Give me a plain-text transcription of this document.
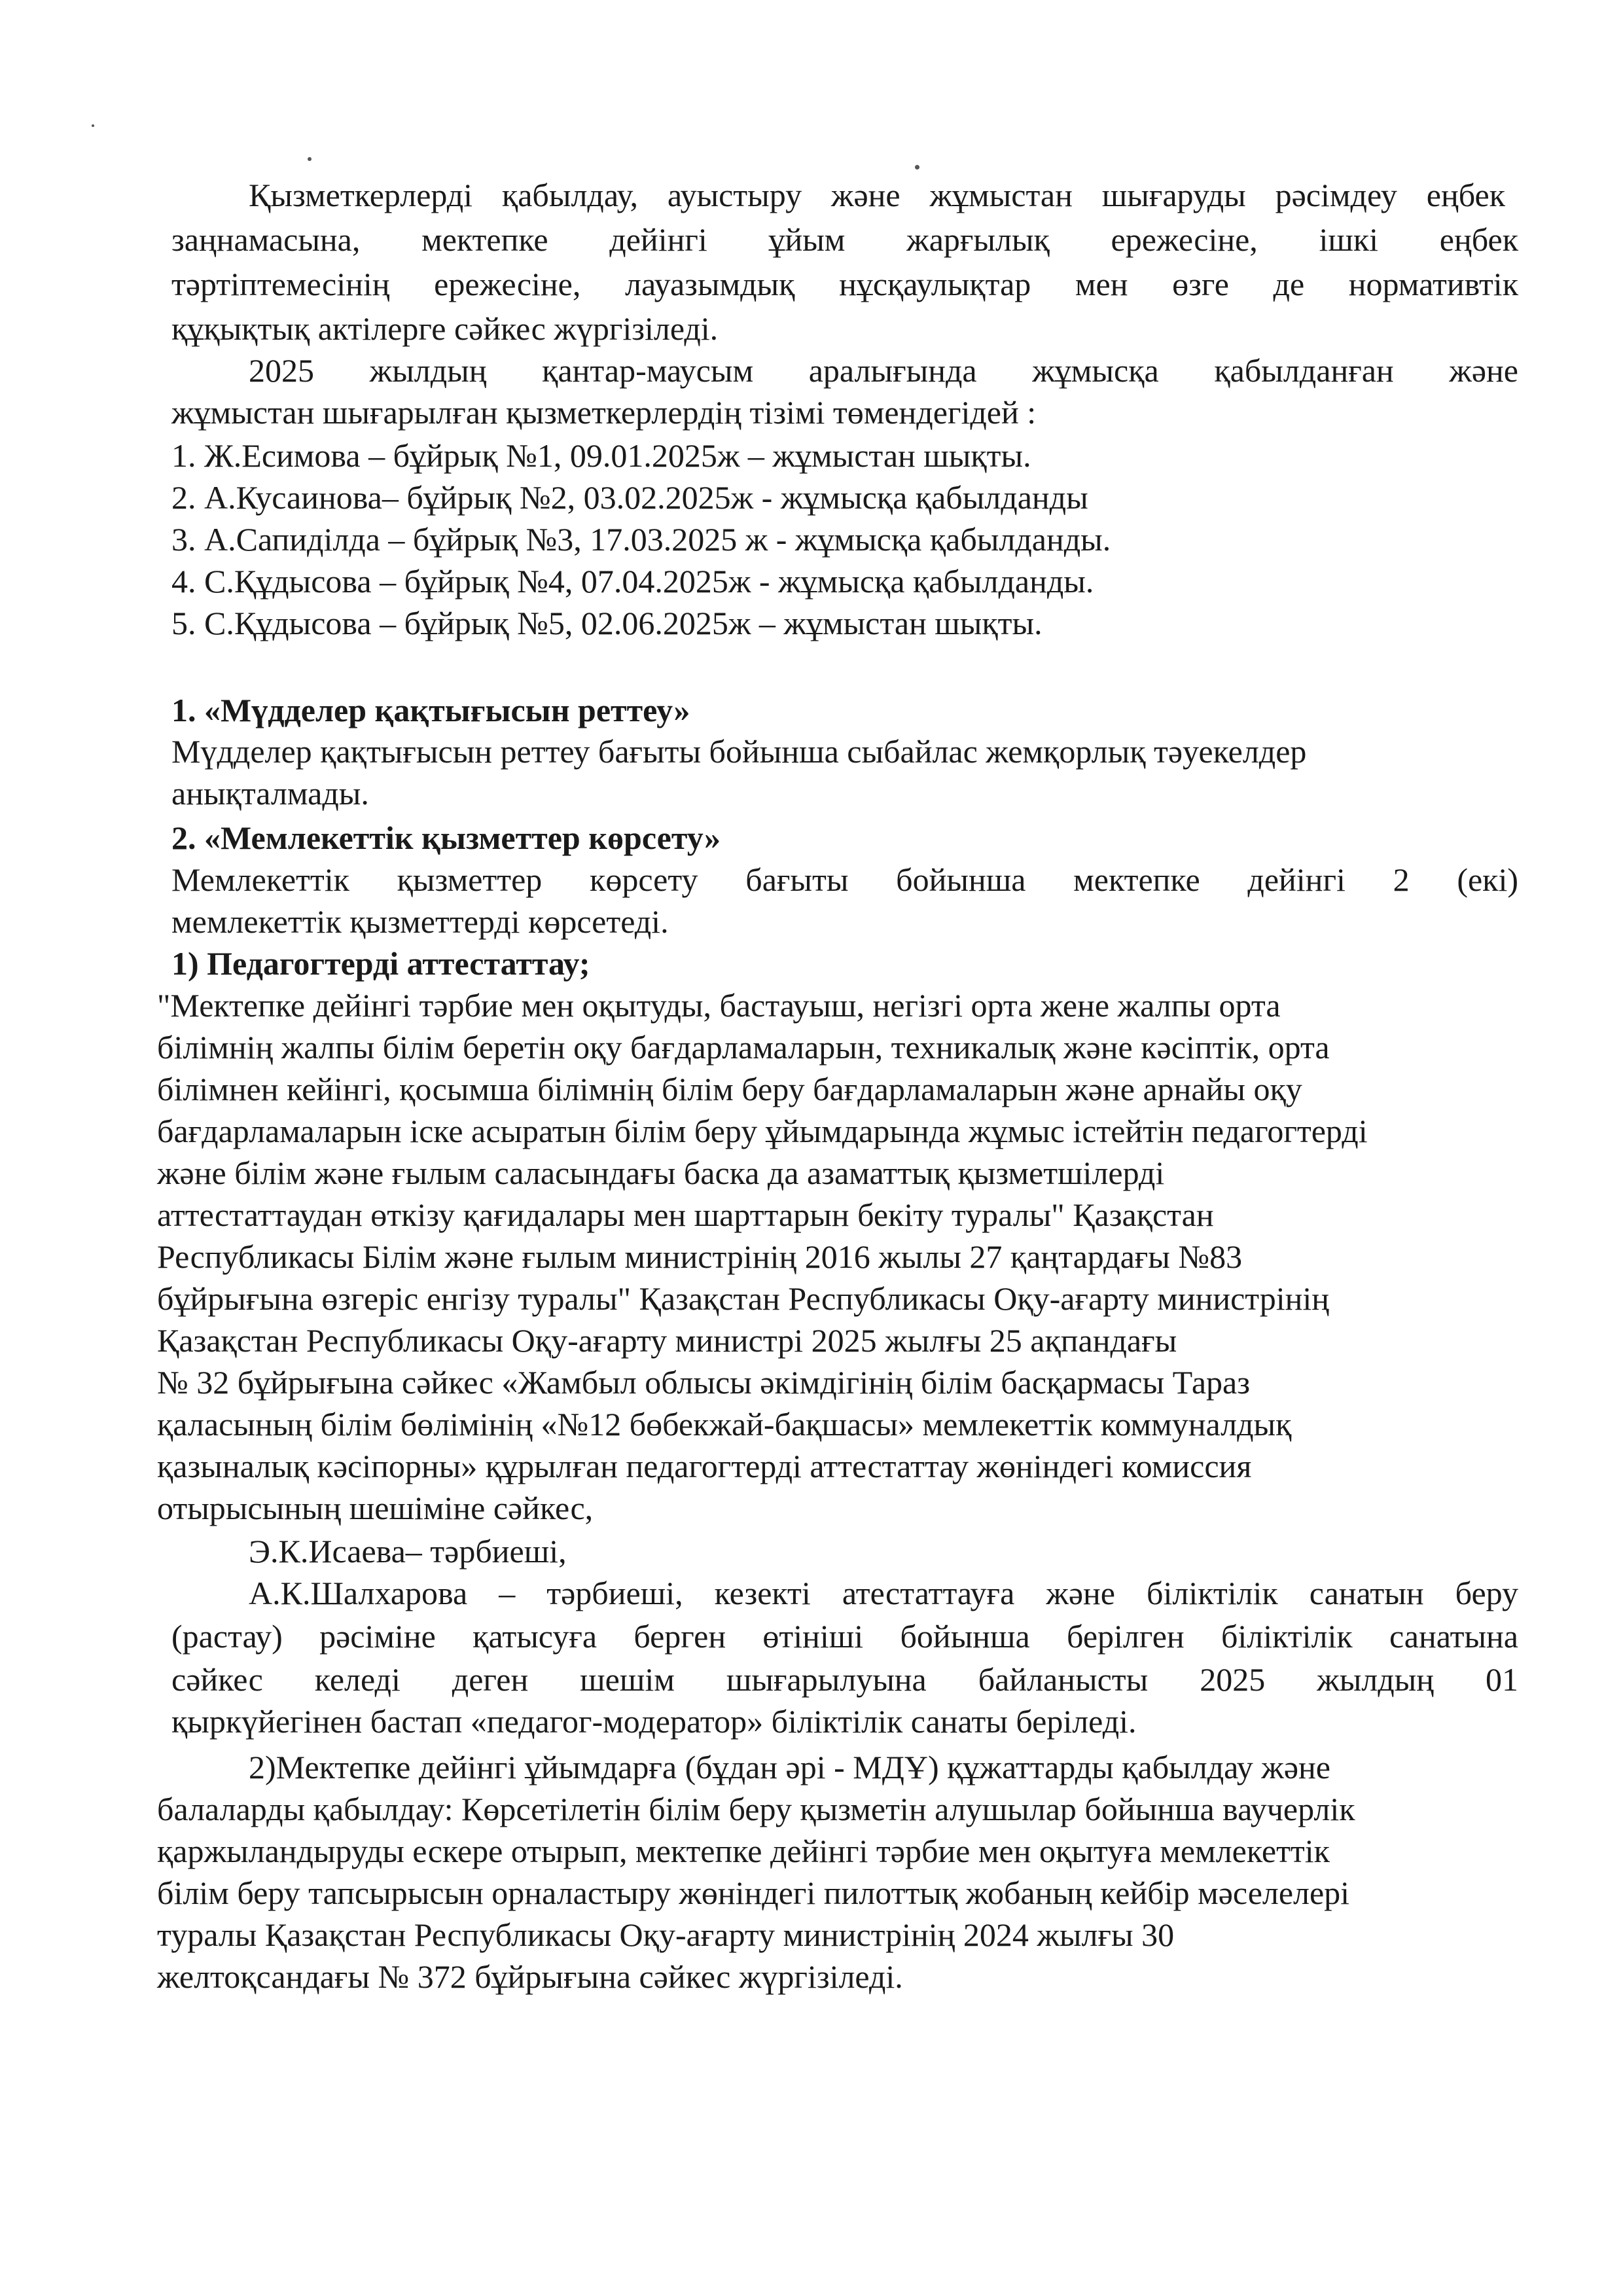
Қызметкерлерді қабылдау, ауыстыру және жұмыстан шығаруды рәсімдеу еңбек
заңнамасына, мектепке дейінгі ұйым жарғылық ережесіне, ішкі еңбек
тәртіптемесінің ережесіне, лауазымдық нұсқаулықтар мен өзге де нормативтік
құқықтық актілерге сәйкес жүргізіледі.
2025 жылдың қантар-маусым аралығында жұмысқа қабылданған және
жұмыстан шығарылған қызметкерлердің тізімі төмендегідей :
1. Ж.Есимова – бұйрық №1, 09.01.2025ж – жұмыстан шықты.
2. А.Кусаинова– бұйрық №2, 03.02.2025ж - жұмысқа қабылданды
3. А.Сапиділда – бұйрық №3, 17.03.2025 ж - жұмысқа қабылданды.
4. С.Құдысова – бұйрық №4, 07.04.2025ж - жұмысқа қабылданды.
5. С.Құдысова – бұйрық №5, 02.06.2025ж – жұмыстан шықты.
1. «Мүдделер қақтығысын реттеу»
Мүдделер қақтығысын реттеу бағыты бойынша сыбайлас жемқорлық тәуекелдер
анықталмады.
2. «Мемлекеттік қызметтер көрсету»
Мемлекеттік қызметтер көрсету бағыты бойынша мектепке дейінгі 2 (екі)
мемлекеттік қызметтерді көрсетеді.
1) Педагогтерді аттестаттау;
"Мектепке дейінгі тәрбие мен оқытуды, бастауыш, негізгі орта жене жалпы орта
білімнің жалпы білім беретін оқу бағдарламаларын, техникалық және кәсіптік, орта
білімнен кейінгі, қосымша білімнің білім беру бағдарламаларын және арнайы оқу
бағдарламаларын іске асыратын білім беру ұйымдарында жұмыс істейтін педагогтерді
және білім және ғылым саласындағы баска да азаматтық қызметшілерді
аттестаттаудан өткізу қағидалары мен шарттарын бекіту туралы" Қазақстан
Республикасы Білім және ғылым министрінің 2016 жылы 27 қаңтардағы №83
бұйрығына өзгеріс енгізу туралы" Қазақстан Республикасы Оқу-ағарту министрінің
Қазақстан Республикасы Оқу-ағарту министрі 2025 жылғы 25 ақпандағы
№ 32 бұйрығына сәйкес «Жамбыл облысы әкімдігінің білім басқармасы Тараз
қаласының білім бөлімінің «№12 бөбекжай-бақшасы» мемлекеттік коммуналдық
қазыналық кәсіпорны» құрылған педагогтерді аттестаттау жөніндегі комиссия
отырысының шешіміне сәйкес,
Э.К.Исаева– тәрбиеші,
А.К.Шалхарова – тәрбиеші, кезекті атестаттауға және біліктілік санатын беру
(растау) рәсіміне қатысуға берген өтініші бойынша берілген біліктілік санатына
сәйкес келеді деген шешім шығарылуына байланысты 2025 жылдың 01
қыркүйегінен бастап «педагог-модератор» біліктілік санаты беріледі.
2)Мектепке дейінгі ұйымдарға (бұдан әрі - МДҰ) құжаттарды қабылдау және
балаларды қабылдау: Көрсетілетін білім беру қызметін алушылар бойынша ваучерлік
қаржыландыруды ескере отырып, мектепке дейінгі тәрбие мен оқытуға мемлекеттік
білім беру тапсырысын орналастыру жөніндегі пилоттық жобаның кейбір мәселелері
туралы Қазақстан Республикасы Оқу-ағарту министрінің 2024 жылғы 30
желтоқсандағы № 372 бұйрығына сәйкес жүргізіледі.
